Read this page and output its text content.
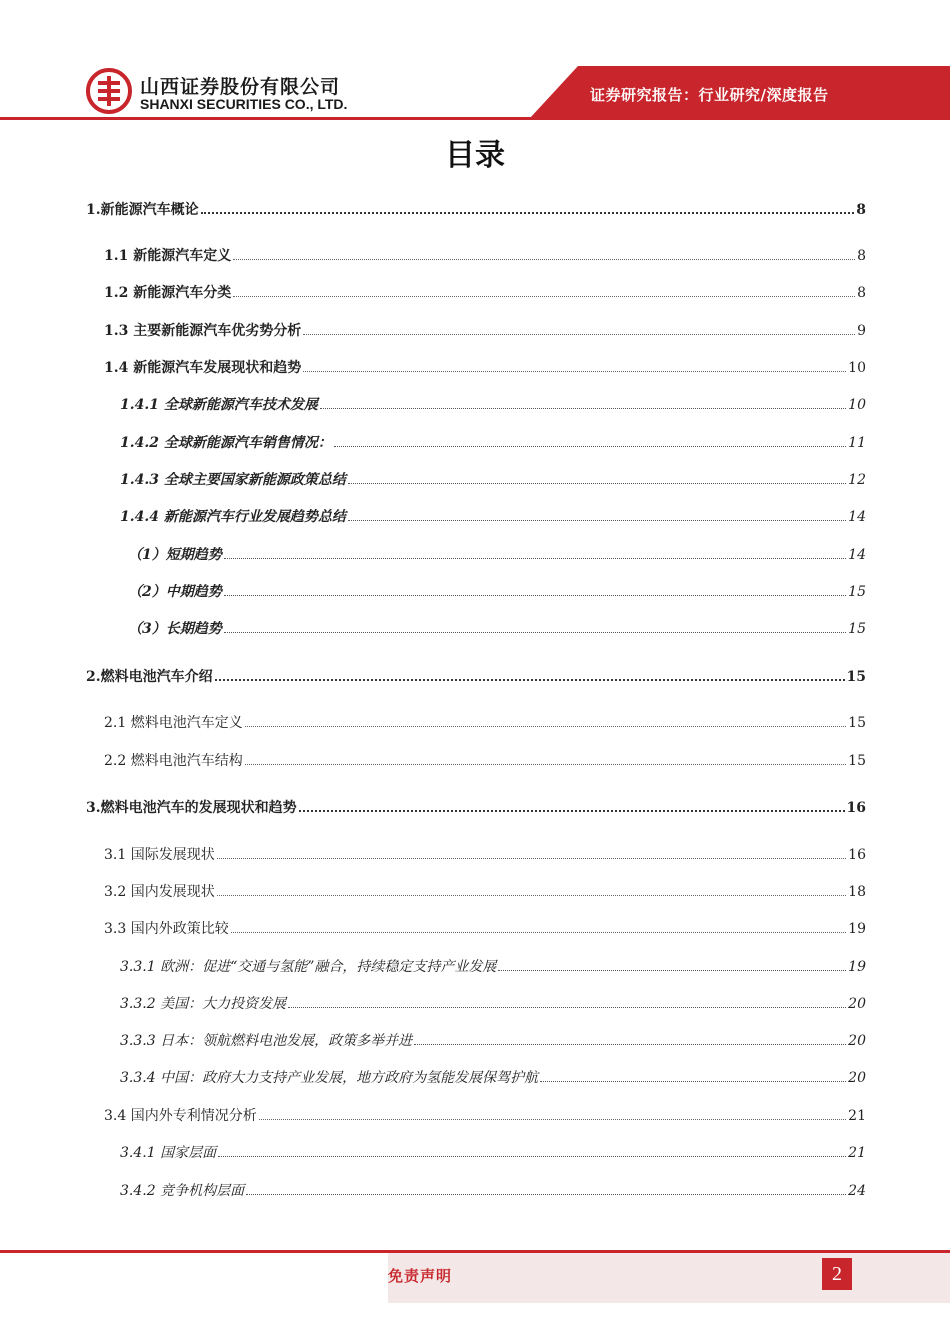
山西证券股份有限公司
SHANXI SECURITIES CO., LTD.	证券研究报告：行业研究/深度报告
目录
1.新能源汽车概论	8
1.1 新能源汽车定义	8
1.2 新能源汽车分类	8
1.3 主要新能源汽车优劣势分析	9
1.4 新能源汽车发展现状和趋势	10
1.4.1 全球新能源汽车技术发展	10
1.4.2 全球新能源汽车销售情况：	11
1.4.3 全球主要国家新能源政策总结	12
1.4.4 新能源汽车行业发展趋势总结	14
（1）短期趋势	14
（2）中期趋势	15
（3）长期趋势	15
2.燃料电池汽车介绍	15
2.1 燃料电池汽车定义	15
2.2 燃料电池汽车结构	15
3.燃料电池汽车的发展现状和趋势	16
3.1 国际发展现状	16
3.2 国内发展现状	18
3.3 国内外政策比较	19
3.3.1 欧洲：促进“交通与氢能”融合，持续稳定支持产业发展	19
3.3.2 美国：大力投资发展	20
3.3.3 日本：领航燃料电池发展，政策多举并进	20
3.3.4 中国：政府大力支持产业发展，地方政府为氢能发展保驾护航	20
3.4 国内外专利情况分析	21
3.4.1 国家层面	21
3.4.2 竞争机构层面	24
免责声明	2
